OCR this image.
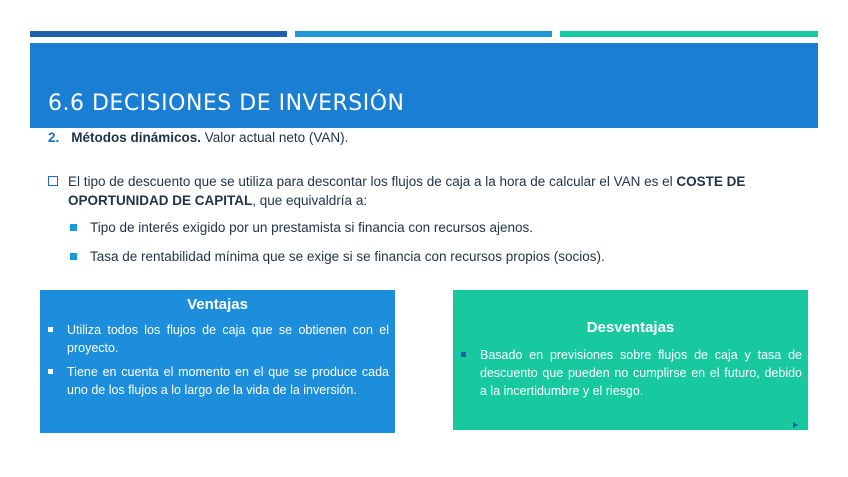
6.6 DECISIONES DE INVERSIÓN
2. Métodos dinámicos. Valor actual neto (VAN).
El tipo de descuento que se utiliza para descontar los flujos de caja a la hora de calcular el VAN es el COSTE DE OPORTUNIDAD DE CAPITAL, que equivaldría a:
Tipo de interés exigido por un prestamista si financia con recursos ajenos.
Tasa de rentabilidad mínima que se exige si se financia con recursos propios (socios).
Ventajas
Utiliza todos los flujos de caja que se obtienen con el proyecto.
Tiene en cuenta el momento en el que se produce cada uno de los flujos a lo largo de la vida de la inversión.
Desventajas
Basado en previsiones sobre flujos de caja y tasa de descuento que pueden no cumplirse en el futuro, debido a la incertidumbre y el riesgo.
